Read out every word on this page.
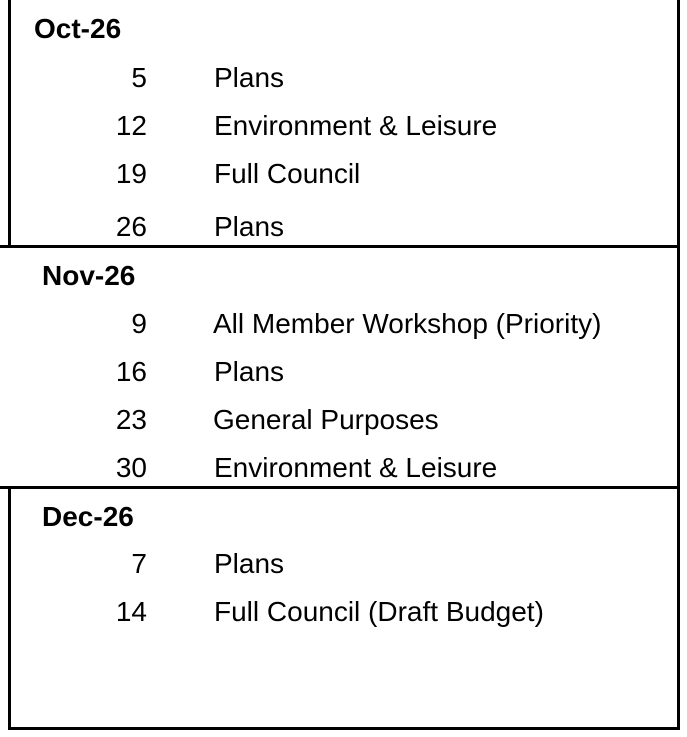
Oct-26
5 Plans
12 Environment & Leisure
19 Full Council
26 Plans
Nov-26
9 All Member Workshop (Priority)
16 Plans
23 General Purposes
30 Environment & Leisure
Dec-26
7 Plans
14 Full Council (Draft Budget)
